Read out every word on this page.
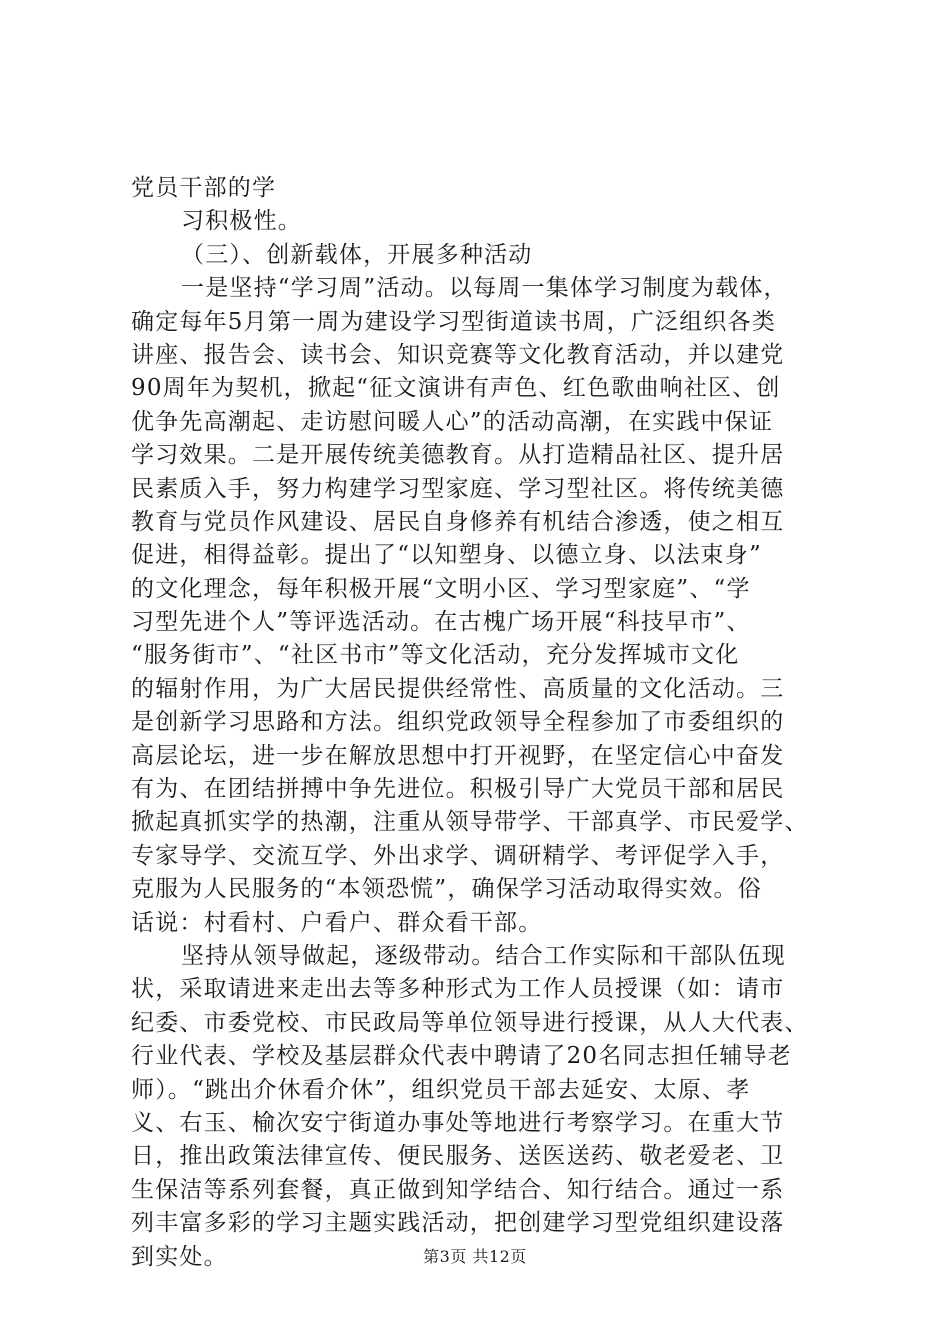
党员干部的学
习积极性。
（三）、创新载体，开展多种活动
一是坚持“学习周”活动。以每周一集体学习制度为载体，
确定每年5月第一周为建设学习型街道读书周，广泛组织各类
讲座、报告会、读书会、知识竞赛等文化教育活动，并以建党
90周年为契机，掀起“征文演讲有声色、红色歌曲响社区、创
优争先高潮起、走访慰问暖人心”的活动高潮，在实践中保证
学习效果。二是开展传统美德教育。从打造精品社区、提升居
民素质入手，努力构建学习型家庭、学习型社区。将传统美德
教育与党员作风建设、居民自身修养有机结合渗透，使之相互
促进，相得益彰。提出了“以知塑身、以德立身、以法束身”
的文化理念，每年积极开展“文明小区、学习型家庭”、“学
习型先进个人”等评选活动。在古槐广场开展“科技早市”、
“服务街市”、“社区书市”等文化活动，充分发挥城市文化
的辐射作用，为广大居民提供经常性、高质量的文化活动。三
是创新学习思路和方法。组织党政领导全程参加了市委组织的
高层论坛，进一步在解放思想中打开视野，在坚定信心中奋发
有为、在团结拼搏中争先进位。积极引导广大党员干部和居民
掀起真抓实学的热潮，注重从领导带学、干部真学、市民爱学、
专家导学、交流互学、外出求学、调研精学、考评促学入手，
克服为人民服务的“本领恐慌”，确保学习活动取得实效。俗
话说：村看村、户看户、群众看干部。
坚持从领导做起，逐级带动。结合工作实际和干部队伍现
状，采取请进来走出去等多种形式为工作人员授课（如：请市
纪委、市委党校、市民政局等单位领导进行授课，从人大代表、
行业代表、学校及基层群众代表中聘请了20名同志担任辅导老
师）。“跳出介休看介休”，组织党员干部去延安、太原、孝
义、右玉、榆次安宁街道办事处等地进行考察学习。在重大节
日，推出政策法律宣传、便民服务、送医送药、敬老爱老、卫
生保洁等系列套餐，真正做到知学结合、知行结合。通过一系
列丰富多彩的学习主题实践活动，把创建学习型党组织建设落
到实处。	第3页 共12页
